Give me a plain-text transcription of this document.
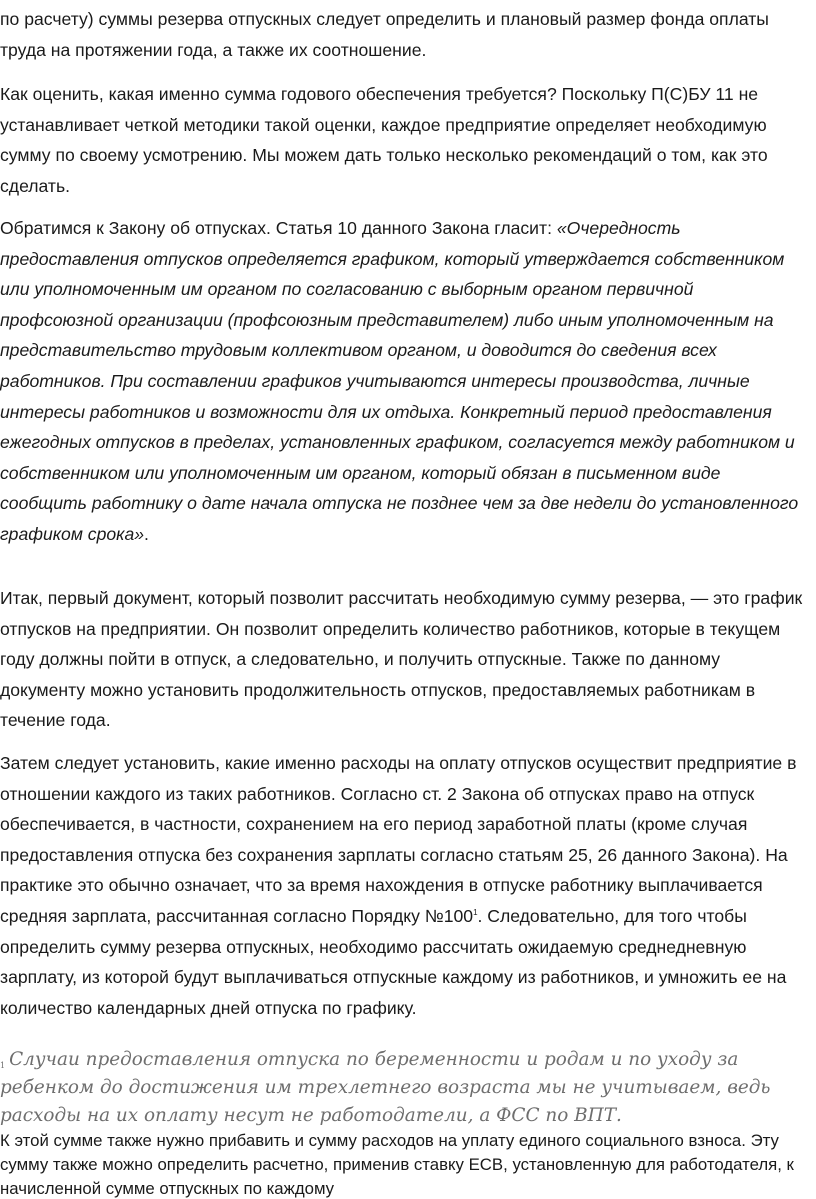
по расчету) суммы резерва отпускных следует определить и плановый размер фонда оплаты труда на протяжении года, а также их соотношение.

Как оценить, какая именно сумма годового обеспечения требуется? Поскольку П(С)БУ 11 не устанавливает четкой методики такой оценки, каждое предприятие определяет необходимую сумму по своему усмотрению. Мы можем дать только несколько рекомендаций о том, как это сделать.

Обратимся к Закону об отпусках. Статья 10 данного Закона гласит: «Очередность предоставления отпусков определяется графиком, который утверждается собственником или уполномоченным им органом по согласованию с выборным органом первичной профсоюзной организации (профсоюзным представителем) либо иным уполномоченным на представительство трудовым коллективом органом, и доводится до сведения всех работников. При составлении графиков учитываются интересы производства, личные интересы работников и возможности для их отдыха. Конкретный период предоставления ежегодных отпусков в пределах, установленных графиком, согласуется между работником и собственником или уполномоченным им органом, который обязан в письменном виде сообщить работнику о дате начала отпуска не позднее чем за две недели до установленного графиком срока».

Итак, первый документ, который позволит рассчитать необходимую сумму резерва, — это график отпусков на предприятии. Он позволит определить количество работников, которые в текущем году должны пойти в отпуск, а следовательно, и получить отпускные. Также по данному документу можно установить продолжительность отпусков, предоставляемых работникам в течение года.

Затем следует установить, какие именно расходы на оплату отпусков осуществит предприятие в отношении каждого из таких работников. Согласно ст. 2 Закона об отпусках право на отпуск обеспечивается, в частности, сохранением на его период заработной платы (кроме случая предоставления отпуска без сохранения зарплаты согласно статьям 25, 26 данного Закона). На практике это обычно означает, что за время нахождения в отпуске работнику выплачивается средняя зарплата, рассчитанная согласно Порядку $№100^1$. Следовательно, для того чтобы определить сумму резерва отпускных, необходимо рассчитать ожидаемую среднедневную зарплату, из которой будут выплачиваться отпускные каждому из работников, и умножить ее на количество календарных дней отпуска по графику.

$^1$ Случаи предоставления отпуска по беременности и родам и по уходу за ребенком до достижения им трехлетнего возраста мы не учитываем, ведь расходы на их оплату несут не работодатели, а ФСС по ВПТ.

К этой сумме также нужно прибавить и сумму расходов на уплату единого социального взноса. Эту сумму также можно определить расчетно, применив ставку ЕСВ, установленную для работодателя, к начисленной сумме отпускных по каждому
